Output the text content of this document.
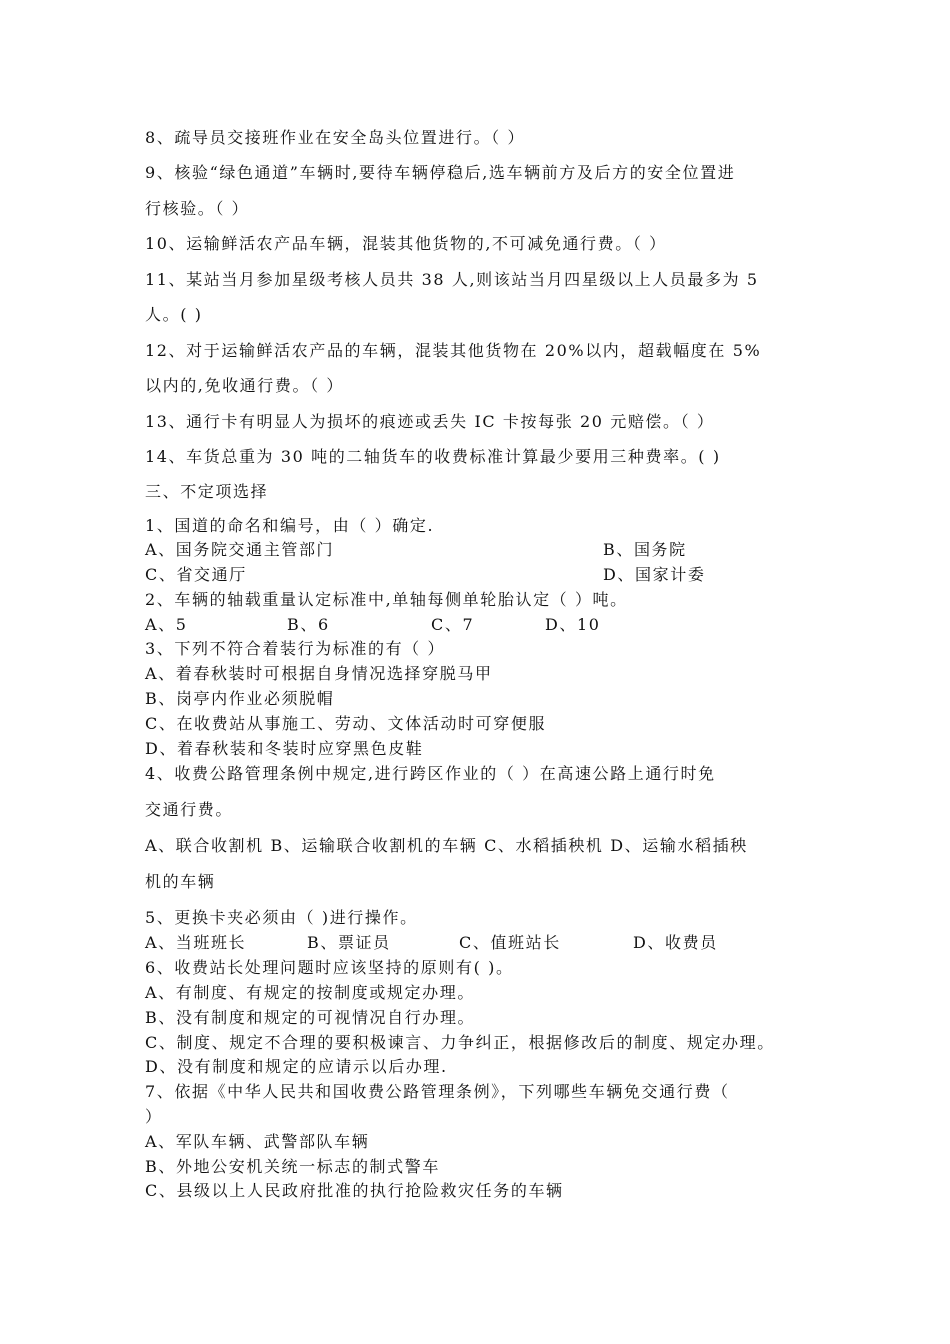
8、疏导员交接班作业在安全岛头位置进行。（ ）
9、核验“绿色通道”车辆时,要待车辆停稳后,选车辆前方及后方的安全位置进
行核验。（ ）
10、运输鲜活农产品车辆，混装其他货物的,不可减免通行费。（ ）
11、某站当月参加星级考核人员共 38 人,则该站当月四星级以上人员最多为 5
人。( )
12、对于运输鲜活农产品的车辆，混装其他货物在 20%以内，超载幅度在 5%
以内的,免收通行费。（ ）
13、通行卡有明显人为损坏的痕迹或丢失 IC 卡按每张 20 元赔偿。（ ）
14、车货总重为 30 吨的二轴货车的收费标准计算最少要用三种费率。( )
三、不定项选择
1、国道的命名和编号，由（ ）确定.
A、国务院交通主管部门	B、国务院
C、省交通厅	D、国家计委
2、车辆的轴载重量认定标准中,单轴每侧单轮胎认定（ ）吨。
A、5	B、6	C、7	D、10
3、下列不符合着装行为标准的有（ ）
A、着春秋装时可根据自身情况选择穿脱马甲
B、岗亭内作业必须脱帽
C、在收费站从事施工、劳动、文体活动时可穿便服
D、着春秋装和冬装时应穿黑色皮鞋
4、收费公路管理条例中规定,进行跨区作业的（ ）在高速公路上通行时免
交通行费。
A、联合收割机 B、运输联合收割机的车辆 C、水稻插秧机 D、运输水稻插秧
机的车辆
5、更换卡夹必须由（ )进行操作。
A、当班班长	B、票证员	C、值班站长	D、收费员
6、收费站长处理问题时应该坚持的原则有( )。
A、有制度、有规定的按制度或规定办理。
B、没有制度和规定的可视情况自行办理。
C、制度、规定不合理的要积极谏言、力争纠正，根据修改后的制度、规定办理。
D、没有制度和规定的应请示以后办理.
7、依据《中华人民共和国收费公路管理条例》，下列哪些车辆免交通行费（
）
A、军队车辆、武警部队车辆
B、外地公安机关统一标志的制式警车
C、县级以上人民政府批准的执行抢险救灾任务的车辆
